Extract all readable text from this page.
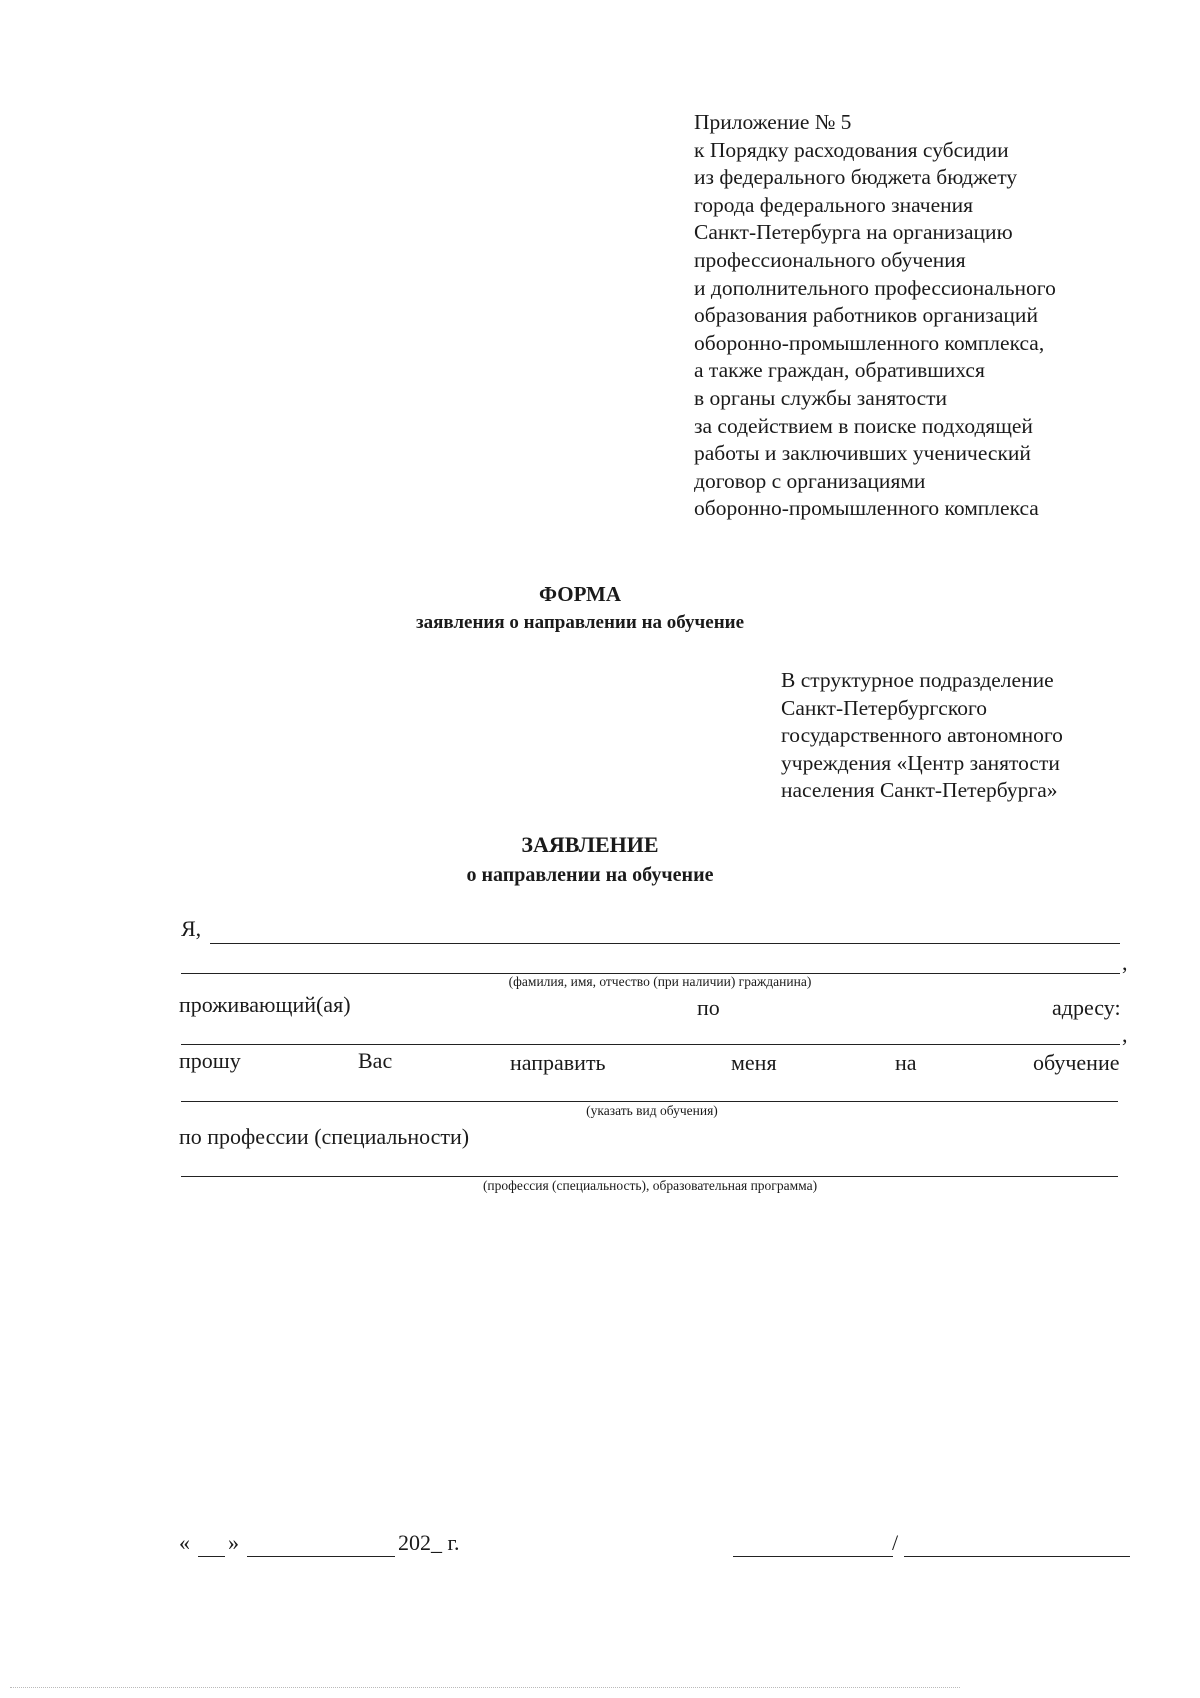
Приложение № 5
к Порядку расходования субсидии
из федерального бюджета бюджету
города федерального значения
Санкт-Петербурга на организацию
профессионального обучения
и дополнительного профессионального
образования работников организаций
оборонно-промышленного комплекса,
а также граждан, обратившихся
в органы службы занятости
за содействием в поиске подходящей
работы и заключивших ученический
договор с организациями
оборонно-промышленного комплекса
ФОРМА
заявления о направлении на обучение
В структурное подразделение
Санкт-Петербургского
государственного автономного
учреждения «Центр занятости
населения Санкт-Петербурга»
ЗАЯВЛЕНИЕ
о направлении на обучение
Я,
,
(фамилия, имя, отчество (при наличии) гражданина)
проживающий(ая)	по	адресу:
,
прошу	Вас	направить	меня	на	обучение
(указать вид обучения)
по профессии (специальности)
(профессия (специальность), образовательная программа)
« »	202_ г.	/
